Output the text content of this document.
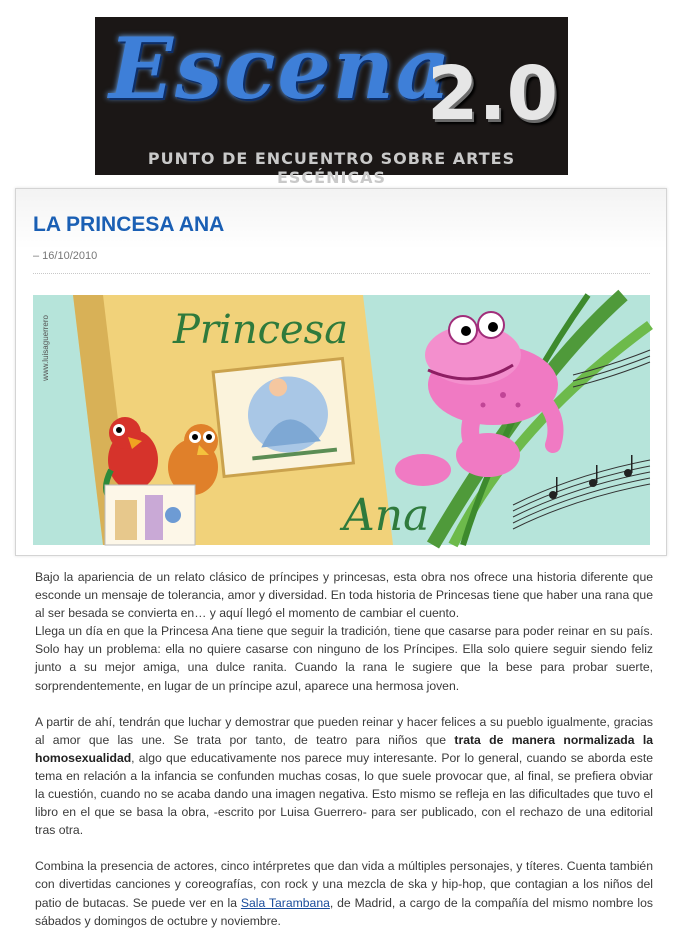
Escena
2.0
PUNTO DE ENCUENTRO SOBRE ARTES ESCÉNICAS
LA PRINCESA ANA
– 16/10/2010
Princesa
Ana
www.luisaguerrero

Bajo la apariencia de un relato clásico de príncipes y princesas, esta obra nos ofrece una historia diferente que esconde un mensaje de tolerancia, amor y diversidad. En toda historia de Princesas tiene que haber una rana que al ser besada se convierta en… y aquí llegó el momento de cambiar el cuento.
Llega un día en que la Princesa Ana tiene que seguir la tradición, tiene que casarse para poder reinar en su país. Solo hay un problema: ella no quiere casarse con ninguno de los Príncipes. Ella solo quiere seguir siendo feliz junto a su mejor amiga, una dulce ranita. Cuando la rana le sugiere que la bese para probar suerte, sorprendentemente, en lugar de un príncipe azul, aparece una hermosa joven.

A partir de ahí, tendrán que luchar y demostrar que pueden reinar y hacer felices a su pueblo igualmente, gracias al amor que las une. Se trata por tanto, de teatro para niños que trata de manera normalizada la homosexualidad, algo que educativamente nos parece muy interesante. Por lo general, cuando se aborda este tema en relación a la infancia se confunden muchas cosas, lo que suele provocar que, al final, se prefiera obviar la cuestión, cuando no se acaba dando una imagen negativa. Esto mismo se refleja en las dificultades que tuvo el libro en el que se basa la obra, -escrito por Luisa Guerrero- para ser publicado, con el rechazo de una editorial tras otra.

Combina la presencia de actores, cinco intérpretes que dan vida a múltiples personajes, y títeres. Cuenta también con divertidas canciones y coreografías, con rock y una mezcla de ska y hip-hop, que contagian a los niños del patio de butacas. Se puede ver en la Sala Tarambana, de Madrid, a cargo de la compañía del mismo nombre los sábados y domingos de octubre y noviembre.
